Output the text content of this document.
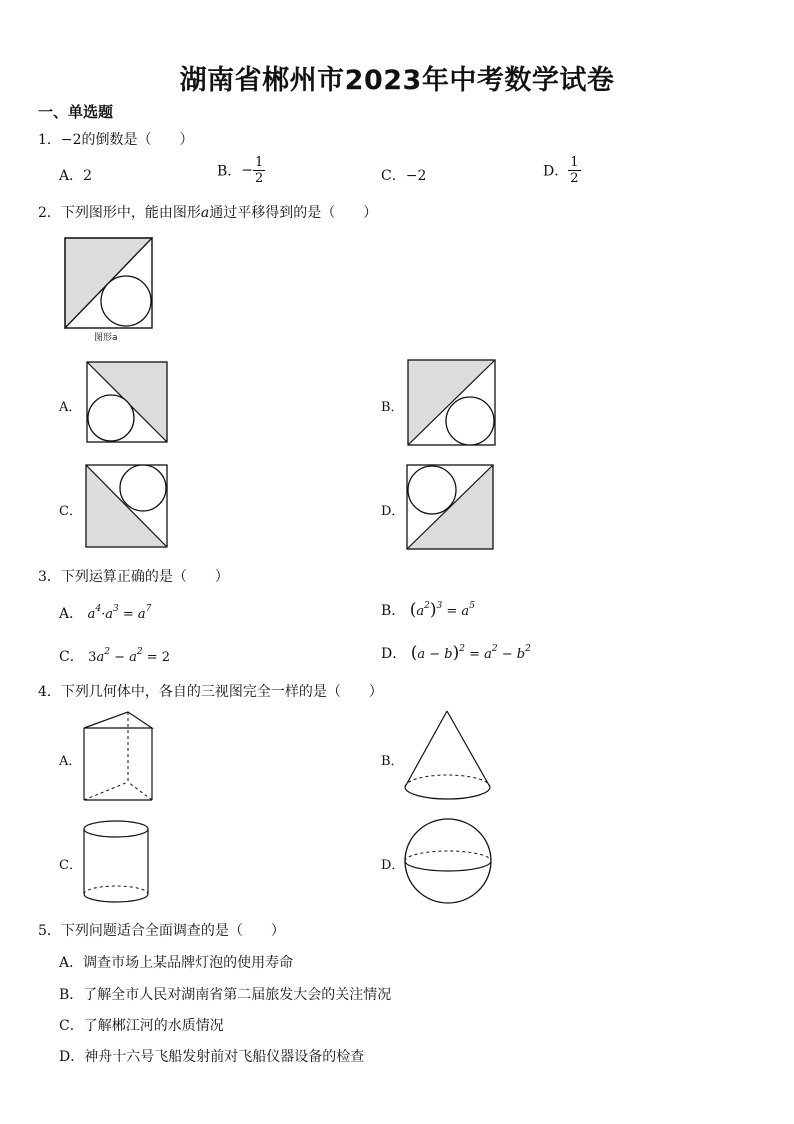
湖南省郴州市2023年中考数学试卷
一、单选题
1．−2的倒数是（　　）
A．2	B．− $\frac{1}{2}$	C．−2	D． $\frac{1}{2}$
2．下列图形中，能由图形a通过平移得到的是（　　）
图形a
A．	B．
C．	D．
3．下列运算正确的是（　　）
A． $a^4\cdot a^3 = a^7$	B． $(a^2)^3 = a^5$
C． $3a^2 - a^2 = 2$	D． $(a - b)^2 = a^2 - b^2$
4．下列几何体中，各自的三视图完全一样的是（　　）
A．	B．
C．	D．
5．下列问题适合全面调查的是（　　）
A．调查市场上某品牌灯泡的使用寿命
B．了解全市人民对湖南省第二届旅发大会的关注情况
C．了解郴江河的水质情况
D．神舟十六号飞船发射前对飞船仪器设备的检查
